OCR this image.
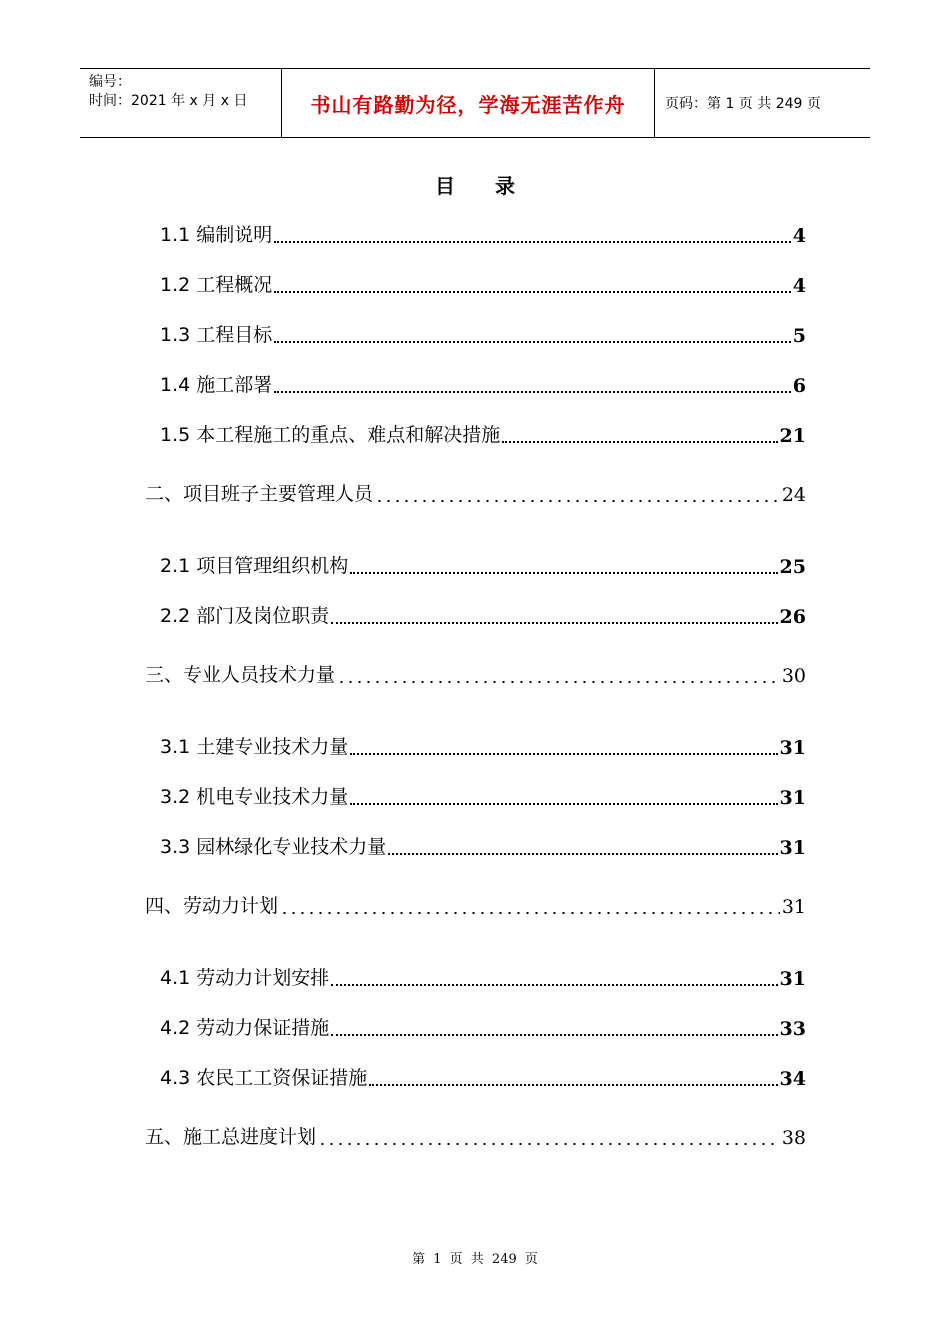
编号：
时间：2021 年 x 月 x 日	书山有路勤为径，学海无涯苦作舟	页码：第 1 页 共 249 页
目录
1.1 编制说明	4
1.2 工程概况	4
1.3 工程目标	5
1.4 施工部署	6
1.5 本工程施工的重点、难点和解决措施	21
二、项目班子主要管理人员	24
2.1 项目管理组织机构	25
2.2 部门及岗位职责	26
三、专业人员技术力量	30
3.1 土建专业技术力量	31
3.2 机电专业技术力量	31
3.3 园林绿化专业技术力量	31
四、劳动力计划	31
4.1 劳动力计划安排	31
4.2 劳动力保证措施	33
4.3 农民工工资保证措施	34
五、施工总进度计划	38
第 1 页 共 249 页
